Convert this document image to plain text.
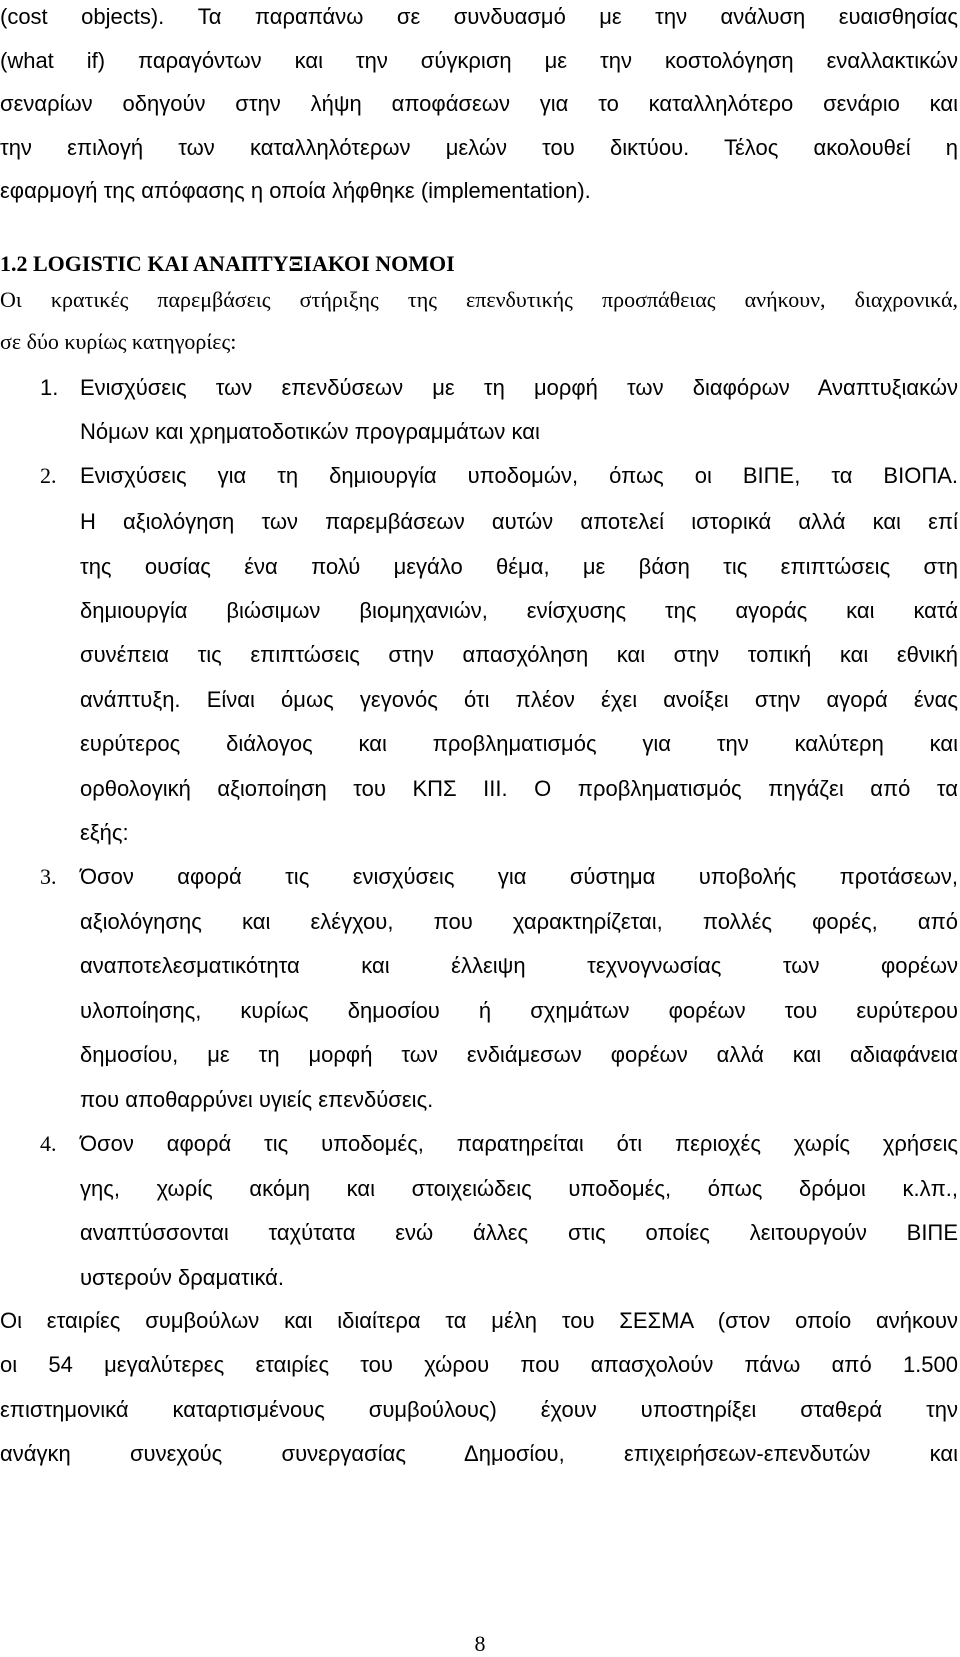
(cost objects). Τα παραπάνω σε συνδυασμό με την ανάλυση ευαισθησίας
(what if) παραγόντων και την σύγκριση με την κοστολόγηση εναλλακτικών
σεναρίων οδηγούν στην λήψη αποφάσεων για το καταλληλότερο σενάριο και
την επιλογή των καταλληλότερων μελών του δικτύου. Τέλος ακολουθεί η
εφαρμογή της απόφασης η οποία λήφθηκε (implementation).
1.2 LOGISTIC ΚΑΙ ΑΝΑΠΤΥΞΙΑΚΟΙ ΝΟΜΟΙ
Οι κρατικές παρεμβάσεις στήριξης της επενδυτικής προσπάθειας ανήκουν, διαχρονικά,
σε δύο κυρίως κατηγορίες:
1. Ενισχύσεις των επενδύσεων με τη μορφή των διαφόρων Αναπτυξιακών
Νόμων και χρηματοδοτικών προγραμμάτων και
2. Ενισχύσεις για τη δημιουργία υποδομών, όπως οι ΒΙΠΕ, τα ΒΙΟΠΑ.
Η αξιολόγηση των παρεμβάσεων αυτών αποτελεί ιστορικά αλλά και επί
της ουσίας ένα πολύ μεγάλο θέμα, με βάση τις επιπτώσεις στη
δημιουργία βιώσιμων βιομηχανιών, ενίσχυσης της αγοράς και κατά
συνέπεια τις επιπτώσεις στην απασχόληση και στην τοπική και εθνική
ανάπτυξη. Είναι όμως γεγονός ότι πλέον έχει ανοίξει στην αγορά ένας
ευρύτερος διάλογος και προβληματισμός για την καλύτερη και
ορθολογική αξιοποίηση του ΚΠΣ ΙΙΙ. Ο προβληματισμός πηγάζει από τα
εξής:
3. Όσον αφορά τις ενισχύσεις για σύστημα υποβολής προτάσεων,
αξιολόγησης και ελέγχου, που χαρακτηρίζεται, πολλές φορές, από
αναποτελεσματικότητα και έλλειψη τεχνογνωσίας των φορέων
υλοποίησης, κυρίως δημοσίου ή σχημάτων φορέων του ευρύτερου
δημοσίου, με τη μορφή των ενδιάμεσων φορέων αλλά και αδιαφάνεια
που αποθαρρύνει υγιείς επενδύσεις.
4. Όσον αφορά τις υποδομές, παρατηρείται ότι περιοχές χωρίς χρήσεις
γης, χωρίς ακόμη και στοιχειώδεις υποδομές, όπως δρόμοι κ.λπ.,
αναπτύσσονται ταχύτατα ενώ άλλες στις οποίες λειτουργούν ΒΙΠΕ
υστερούν δραματικά.
Οι εταιρίες συμβούλων και ιδιαίτερα τα μέλη του ΣΕΣΜΑ (στον οποίο ανήκουν
οι 54 μεγαλύτερες εταιρίες του χώρου που απασχολούν πάνω από 1.500
επιστημονικά καταρτισμένους συμβούλους) έχουν υποστηρίξει σταθερά την
ανάγκη συνεχούς συνεργασίας Δημοσίου, επιχειρήσεων-επενδυτών και
8
